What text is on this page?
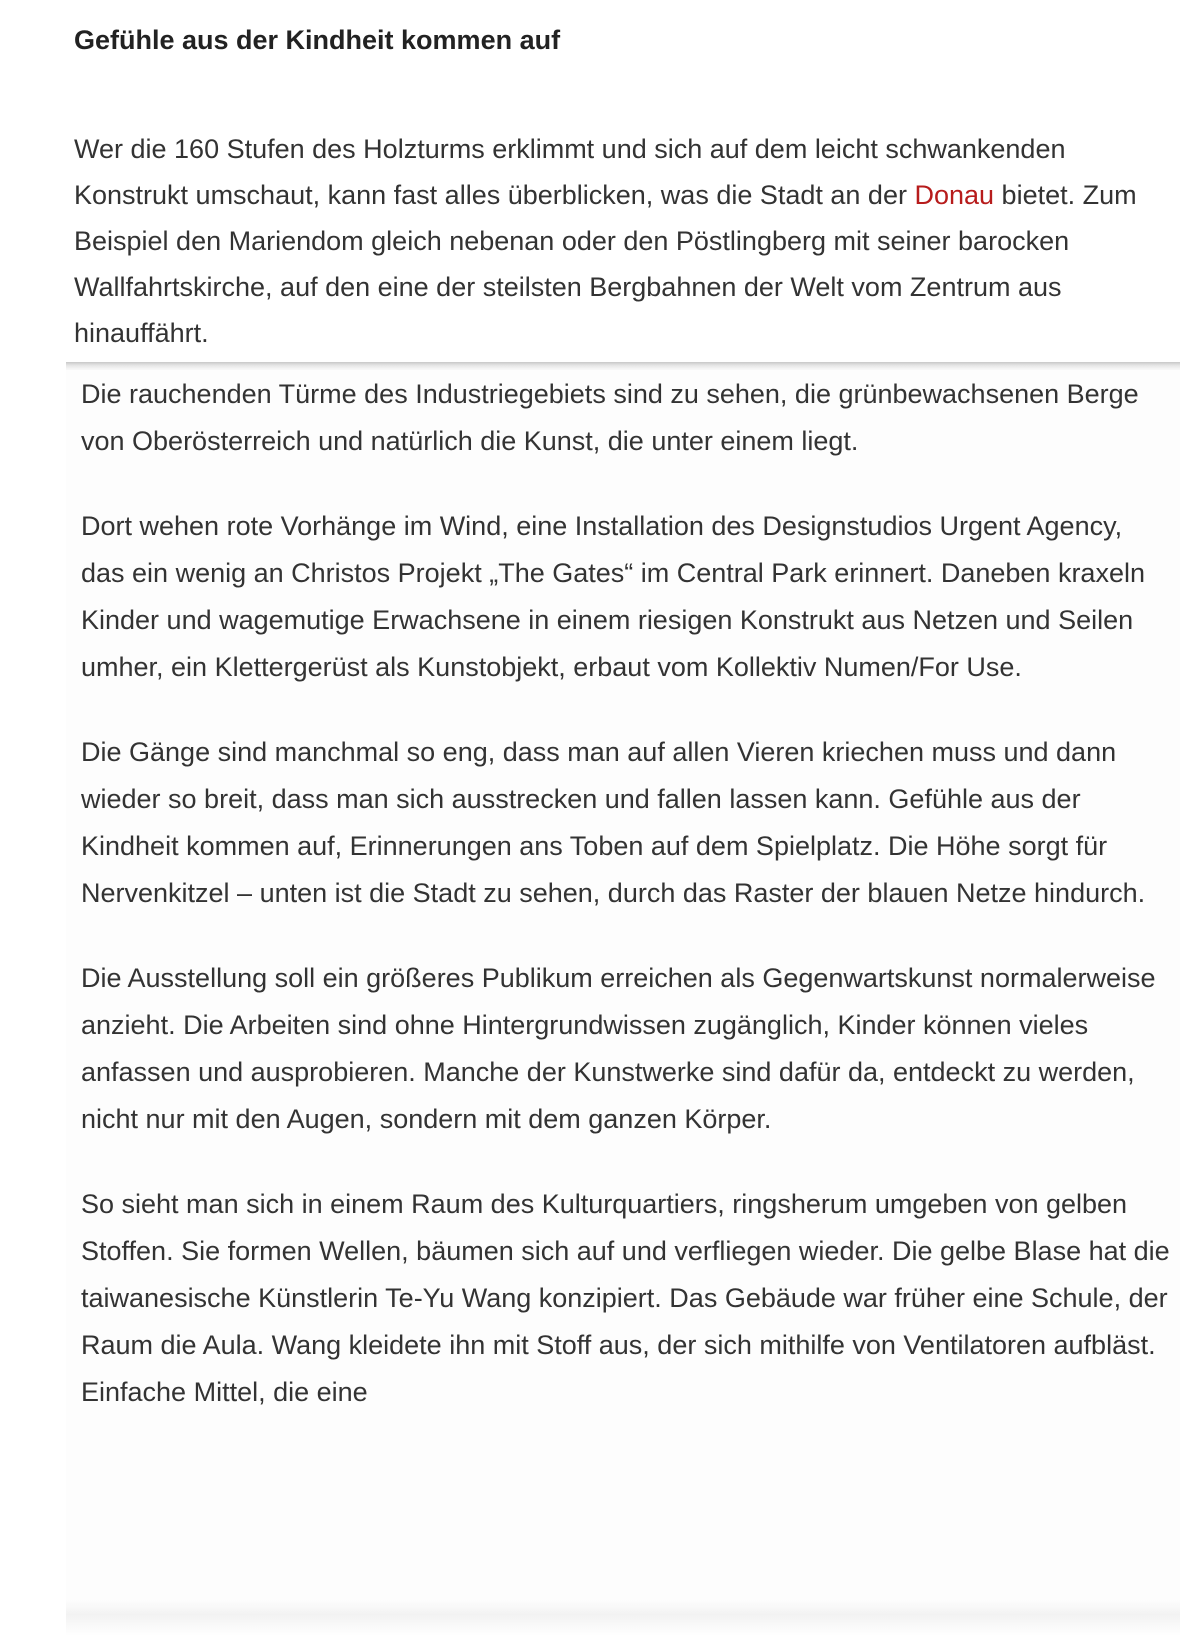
Gefühle aus der Kindheit kommen auf

Wer die 160 Stufen des Holzturms erklimmt und sich auf dem leicht schwankenden Konstrukt umschaut, kann fast alles überblicken, was die Stadt an der Donau bietet. Zum Beispiel den Mariendom gleich nebenan oder den Pöstlingberg mit seiner barocken Wallfahrtskirche, auf den eine der steilsten Bergbahnen der Welt vom Zentrum aus hinauffährt.

Die rauchenden Türme des Industriegebiets sind zu sehen, die grünbewachsenen Berge von Oberösterreich und natürlich die Kunst, die unter einem liegt.

Dort wehen rote Vorhänge im Wind, eine Installation des Designstudios Urgent Agency, das ein wenig an Christos Projekt „The Gates“ im Central Park erinnert. Daneben kraxeln Kinder und wagemutige Erwachsene in einem riesigen Konstrukt aus Netzen und Seilen umher, ein Klettergerüst als Kunstobjekt, erbaut vom Kollektiv Numen/For Use.

Die Gänge sind manchmal so eng, dass man auf allen Vieren kriechen muss und dann wieder so breit, dass man sich ausstrecken und fallen lassen kann. Gefühle aus der Kindheit kommen auf, Erinnerungen ans Toben auf dem Spielplatz. Die Höhe sorgt für Nervenkitzel – unten ist die Stadt zu sehen, durch das Raster der blauen Netze hindurch.

Die Ausstellung soll ein größeres Publikum erreichen als Gegenwartskunst normalerweise anzieht. Die Arbeiten sind ohne Hintergrundwissen zugänglich, Kinder können vieles anfassen und ausprobieren. Manche der Kunstwerke sind dafür da, entdeckt zu werden, nicht nur mit den Augen, sondern mit dem ganzen Körper.

So sieht man sich in einem Raum des Kulturquartiers, ringsherum umgeben von gelben Stoffen. Sie formen Wellen, bäumen sich auf und verfliegen wieder. Die gelbe Blase hat die taiwanesische Künstlerin Te-Yu Wang konzipiert. Das Gebäude war früher eine Schule, der Raum die Aula. Wang kleidete ihn mit Stoff aus, der sich mithilfe von Ventilatoren aufbläst. Einfache Mittel, die eine
